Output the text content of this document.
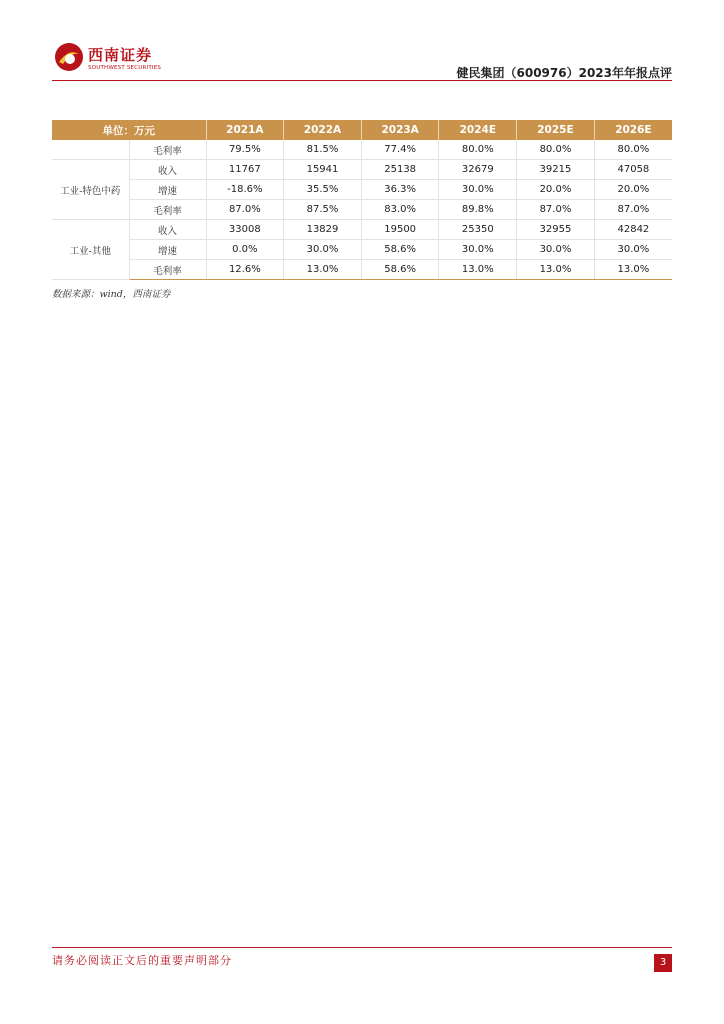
西南证券
SOUTHWEST SECURITIES	健民集团（600976）2023年年报点评
单位：万元		2021A	2022A	2023A	2024E	2025E	2026E
	毛利率	79.5%	81.5%	77.4%	80.0%	80.0%	80.0%
工业-特色中药	收入	11767	15941	25138	32679	39215	47058
	增速	-18.6%	35.5%	36.3%	30.0%	20.0%	20.0%
	毛利率	87.0%	87.5%	83.0%	89.8%	87.0%	87.0%
工业-其他	收入	33008	13829	19500	25350	32955	42842
	增速	0.0%	30.0%	58.6%	30.0%	30.0%	30.0%
	毛利率	12.6%	13.0%	58.6%	13.0%	13.0%	13.0%
数据来源：wind，西南证券
请务必阅读正文后的重要声明部分	3
